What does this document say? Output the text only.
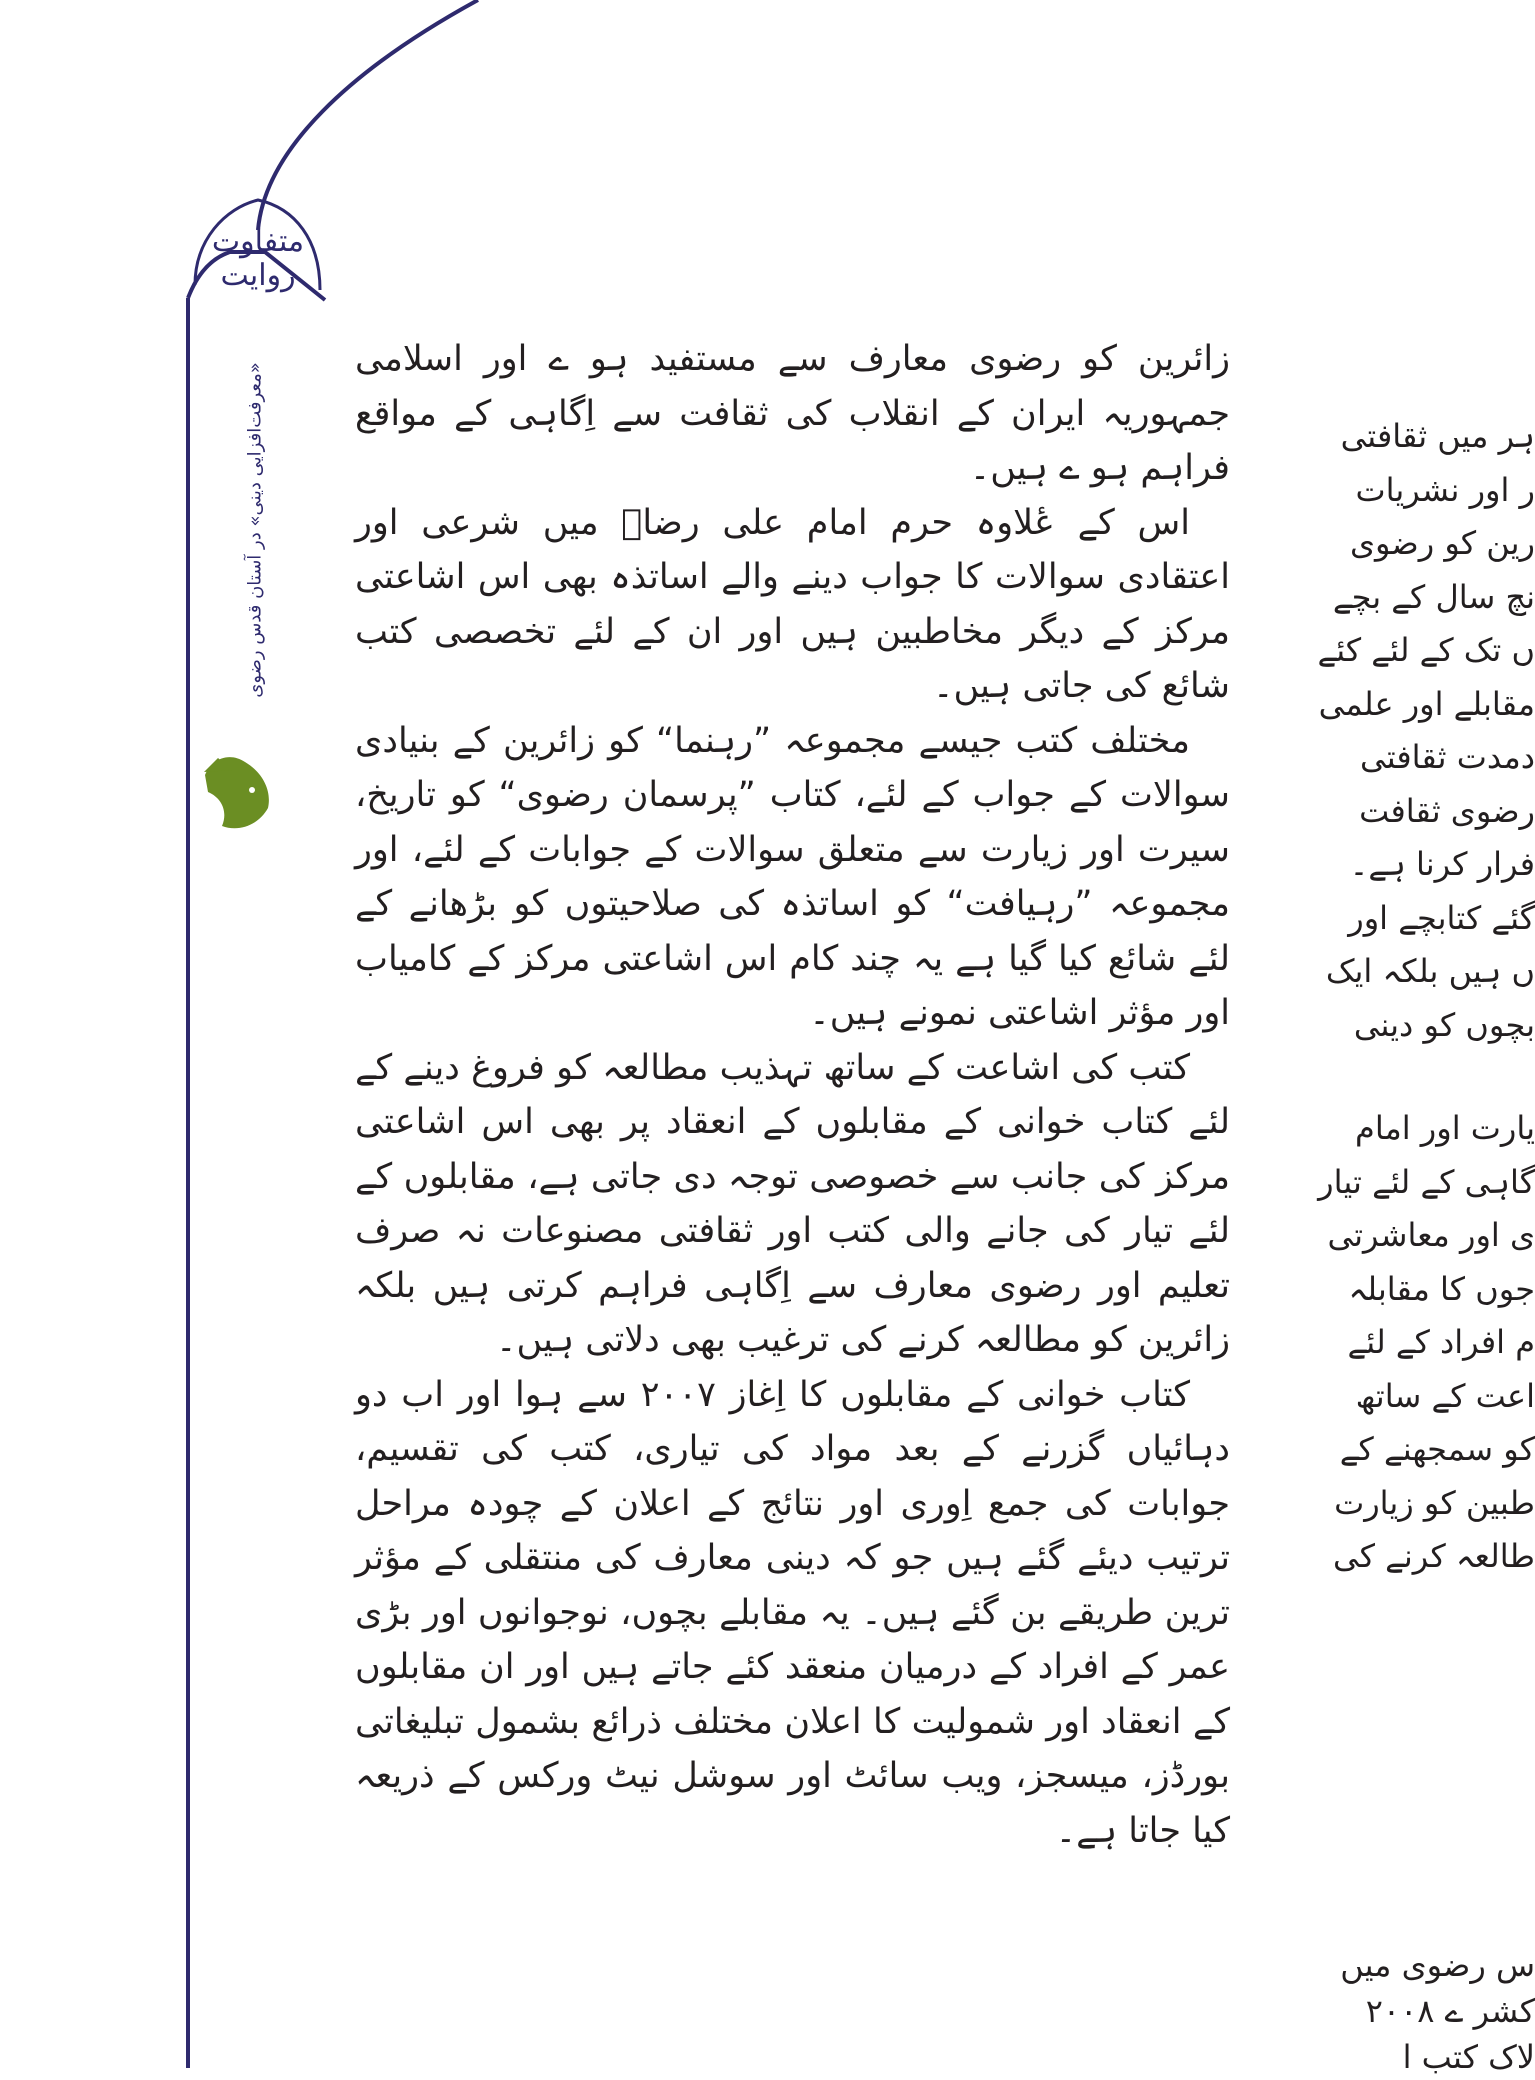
متفاوت روایت
«معرفت‌افزایی دینی» در آستان قدس رضوی

زائرین کو رضوی معارف سے مستفید ہو ے اور اسلامی جمہوریہ ایران کے انقلاب کی ثقافت سے اِگاہی کے مواقع فراہم ہو ے ہیں۔

اس کے عٔلاوہ حرم امام علی رضاؑ میں شرعی اور اعتقادی سوالات کا جواب دینے والے اساتذہ بھی اس اشاعتی مرکز کے دیگر مخاطبین ہیں اور ان کے لئے تخصصی کتب شائع کی جاتی ہیں۔

مختلف کتب جیسے مجموعہ ”رہنما“ کو زائرین کے بنیادی سوالات کے جواب کے لئے، کتاب ”پرسمان رضوی“ کو تاریخ، سیرت اور زیارت سے متعلق سوالات کے جوابات کے لئے، اور مجموعہ ”رہیافت“ کو اساتذہ کی صلاحیتوں کو بڑھانے کے لئے شائع کیا گیا ہے یہ چند کام اس اشاعتی مرکز کے کامیاب اور مؤثر اشاعتی نمونے ہیں۔

کتب کی اشاعت کے ساتھ تہذیب مطالعہ کو فروغ دینے کے لئے کتاب خوانی کے مقابلوں کے انعقاد پر بھی اس اشاعتی مرکز کی جانب سے خصوصی توجہ دی جاتی ہے، مقابلوں کے لئے تیار کی جانے والی کتب اور ثقافتی مصنوعات نہ صرف تعلیم اور رضوی معارف سے اِگاہی فراہم کرتی ہیں بلکہ زائرین کو مطالعہ کرنے کی ترغیب بھی دلاتی ہیں۔

کتاب خوانی کے مقابلوں کا اِغاز ۲۰۰۷ سے ہوا اور اب دو دہائیاں گزرنے کے بعد مواد کی تیاری، کتب کی تقسیم، جوابات کی جمع اِوری اور نتائج کے اعلان کے چودہ مراحل ترتیب دیئے گئے ہیں جو کہ دینی معارف کی منتقلی کے مؤثر ترین طریقے بن گئے ہیں۔ یہ مقابلے بچوں، نوجوانوں اور بڑی عمر کے افراد کے درمیان منعقد کئے جاتے ہیں اور ان مقابلوں کے انعقاد اور شمولیت کا اعلان مختلف ذرائع بشمول تبلیغاتی بورڈز، میسجز، ویب سائٹ اور سوشل نیٹ ورکس کے ذریعہ کیا جاتا ہے۔

ہر میں ثقافتی

ر اور نشریات

رین کو رضوی

نچ سال کے بچے

ں تک کے لئے کئے

مقابلے اور علمی

دمدت ثقافتی

رضوی ثقافت

فرار کرنا ہے۔

گئے کتابچے اور

ں ہیں بلکہ ایک

بچوں کو دینی

یارت اور امام

گاہی کے لئے تیار

ی اور معاشرتی

جوں کا مقابلہ

م افراد کے لئے

اعت کے ساتھ

کو سمجھنے کے

طبین کو زیارت

طالعہ کرنے کی

س رضوی میں

کشر ے ۲۰۰۸

لاک کتب ا
